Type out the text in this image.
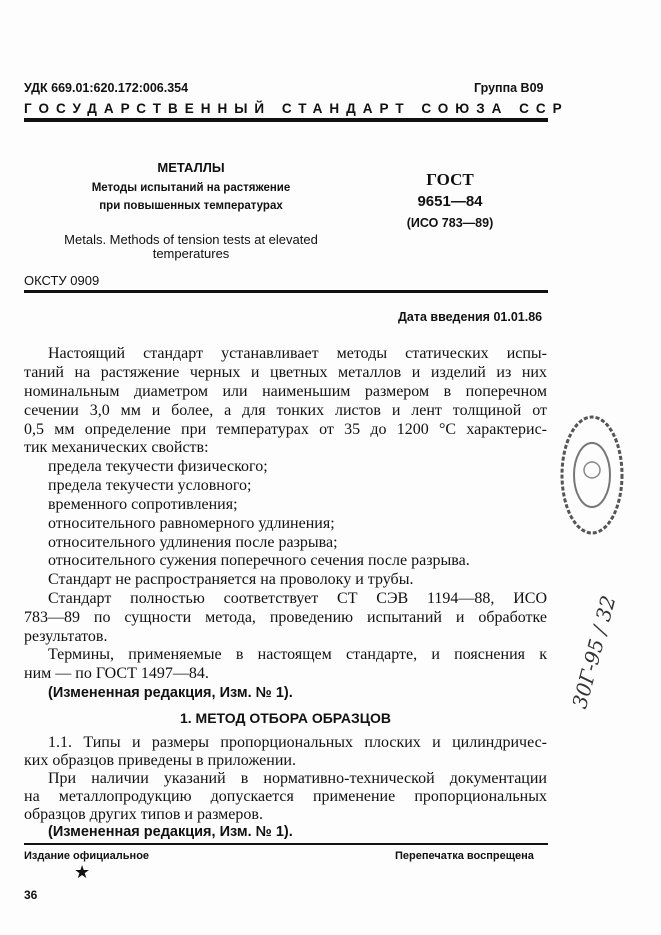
УДК 669.01:620.172:006.354	Группа В09
ГОСУДАРСТВЕННЫЙ СТАНДАРТ СОЮЗА ССР
МЕТАЛЛЫ
Методы испытаний на растяжение
при повышенных температурах
Metals. Methods of tension tests at elevated
temperatures
ГОСТ
9651—84
(ИСО 783—89)
ОКСТУ 0909
Дата введения 01.01.86
Настоящий стандарт устанавливает методы статических испы-
таний на растяжение черных и цветных металлов и изделий из них
номинальным диаметром или наименьшим размером в поперечном
сечении 3,0 мм и более, а для тонких листов и лент толщиной от
0,5 мм определение при температурах от 35 до 1200 °С характерис-
тик механических свойств:
предела текучести физического;
предела текучести условного;
временного сопротивления;
относительного равномерного удлинения;
относительного удлинения после разрыва;
относительного сужения поперечного сечения после разрыва.
Стандарт не распространяется на проволоку и трубы.
Стандарт полностью соответствует СТ СЭВ 1194—88, ИСО
783—89 по сущности метода, проведению испытаний и обработке
результатов.
Термины, применяемые в настоящем стандарте, и пояснения к
ним — по ГОСТ 1497—84.
(Измененная редакция, Изм. № 1).
1. МЕТОД ОТБОРА ОБРАЗЦОВ
1.1. Типы и размеры пропорциональных плоских и цилиндричес-
ких образцов приведены в приложении.
При наличии указаний в нормативно-технической документации
на металлопродукцию допускается применение пропорциональных
образцов других типов и размеров.
(Измененная редакция, Изм. № 1).
Издание официальное	Перепечатка воспрещена
★
36
30Г-95 / 32
